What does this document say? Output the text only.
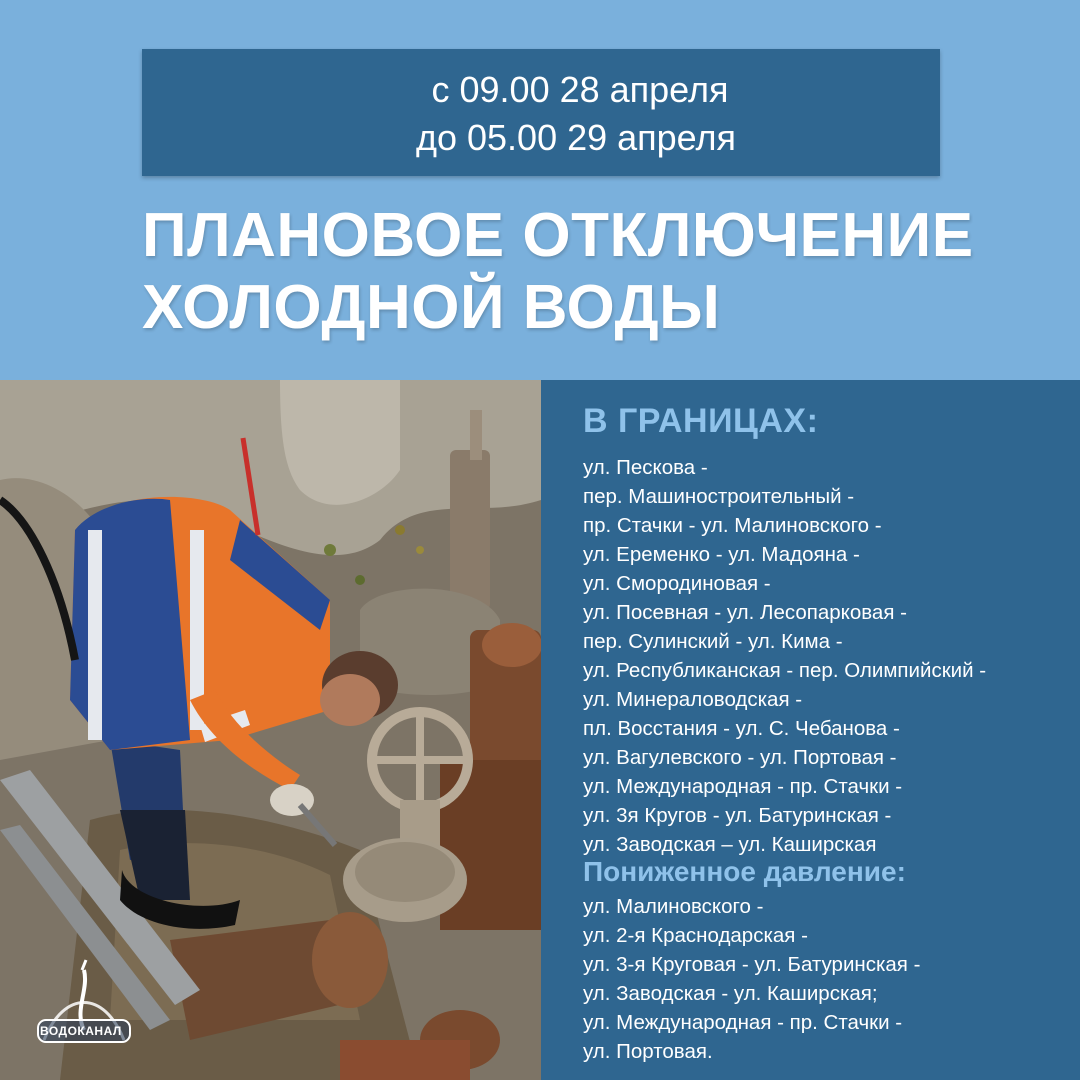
с 09.00 28 апреля
до 05.00 29 апреля
ПЛАНОВОЕ ОТКЛЮЧЕНИЕ
ХОЛОДНОЙ ВОДЫ
ВОДОКАНАЛ
В ГРАНИЦАХ:
ул. Пескова -
пер. Машиностроительный -
пр. Стачки - ул. Малиновского -
ул. Еременко - ул. Мадояна -
ул. Смородиновая -
ул. Посевная - ул. Лесопарковая -
пер. Сулинский - ул. Кима -
ул. Республиканская - пер. Олимпийский -
ул. Минераловодская -
пл. Восстания - ул. С. Чебанова -
ул. Вагулевского - ул. Портовая -
ул. Международная - пр. Стачки -
ул. 3я Кругов - ул. Батуринская -
ул. Заводская – ул. Каширская
Пониженное давление:
ул. Малиновского -
ул. 2-я Краснодарская -
ул. 3-я Круговая - ул. Батуринская -
ул. Заводская - ул. Каширская;
ул. Международная - пр. Стачки -
ул. Портовая.
